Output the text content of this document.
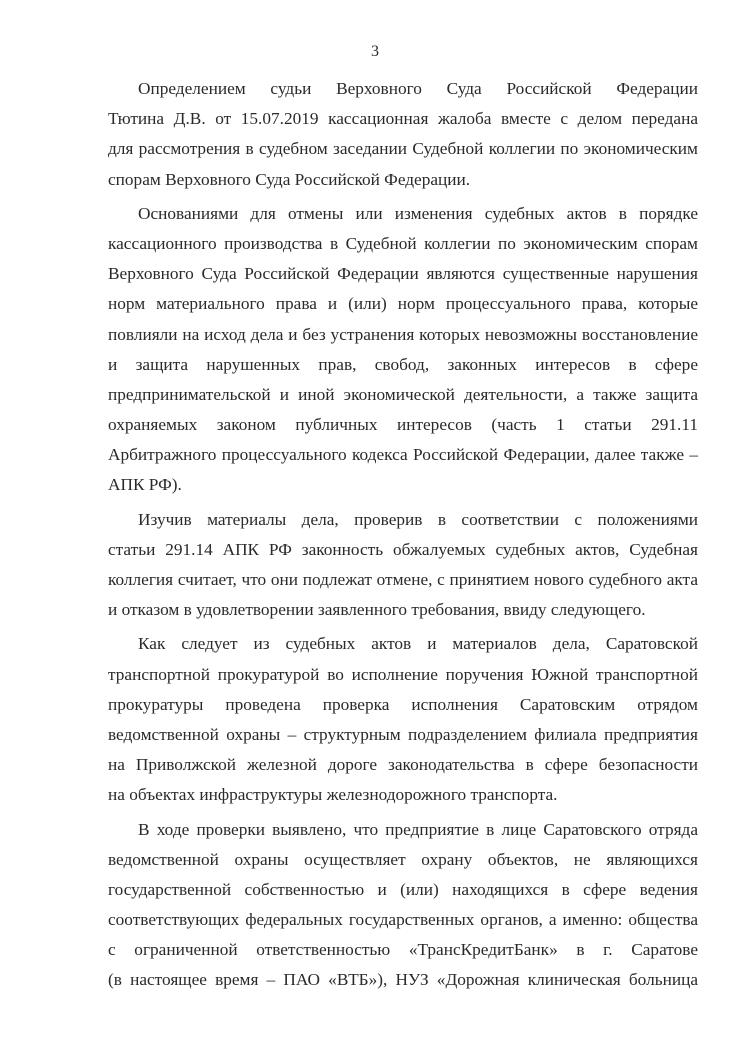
3
Определением судьи Верховного Суда Российской Федерации
Тютина Д.В. от 15.07.2019 кассационная жалоба вместе с делом передана
для рассмотрения в судебном заседании Судебной коллегии по экономическим
спорам Верховного Суда Российской Федерации.
Основаниями для отмены или изменения судебных актов в порядке
кассационного производства в Судебной коллегии по экономическим спорам
Верховного Суда Российской Федерации являются существенные нарушения
норм материального права и (или) норм процессуального права, которые
повлияли на исход дела и без устранения которых невозможны восстановление
и защита нарушенных прав, свобод, законных интересов в сфере
предпринимательской и иной экономической деятельности, а также защита
охраняемых законом публичных интересов (часть 1 статьи 291.11
Арбитражного процессуального кодекса Российской Федерации, далее также –
АПК РФ).
Изучив материалы дела, проверив в соответствии с положениями
статьи 291.14 АПК РФ законность обжалуемых судебных актов, Судебная
коллегия считает, что они подлежат отмене, с принятием нового судебного акта
и отказом в удовлетворении заявленного требования, ввиду следующего.
Как следует из судебных актов и материалов дела, Саратовской
транспортной прокуратурой во исполнение поручения Южной транспортной
прокуратуры проведена проверка исполнения Саратовским отрядом
ведомственной охраны – структурным подразделением филиала предприятия
на Приволжской железной дороге законодательства в сфере безопасности
на объектах инфраструктуры железнодорожного транспорта.
В ходе проверки выявлено, что предприятие в лице Саратовского отряда
ведомственной охраны осуществляет охрану объектов, не являющихся
государственной собственностью и (или) находящихся в сфере ведения
соответствующих федеральных государственных органов, а именно: общества
с ограниченной ответственностью «ТрансКредитБанк» в г. Саратове
(в настоящее время – ПАО «ВТБ»), НУЗ «Дорожная клиническая больница
